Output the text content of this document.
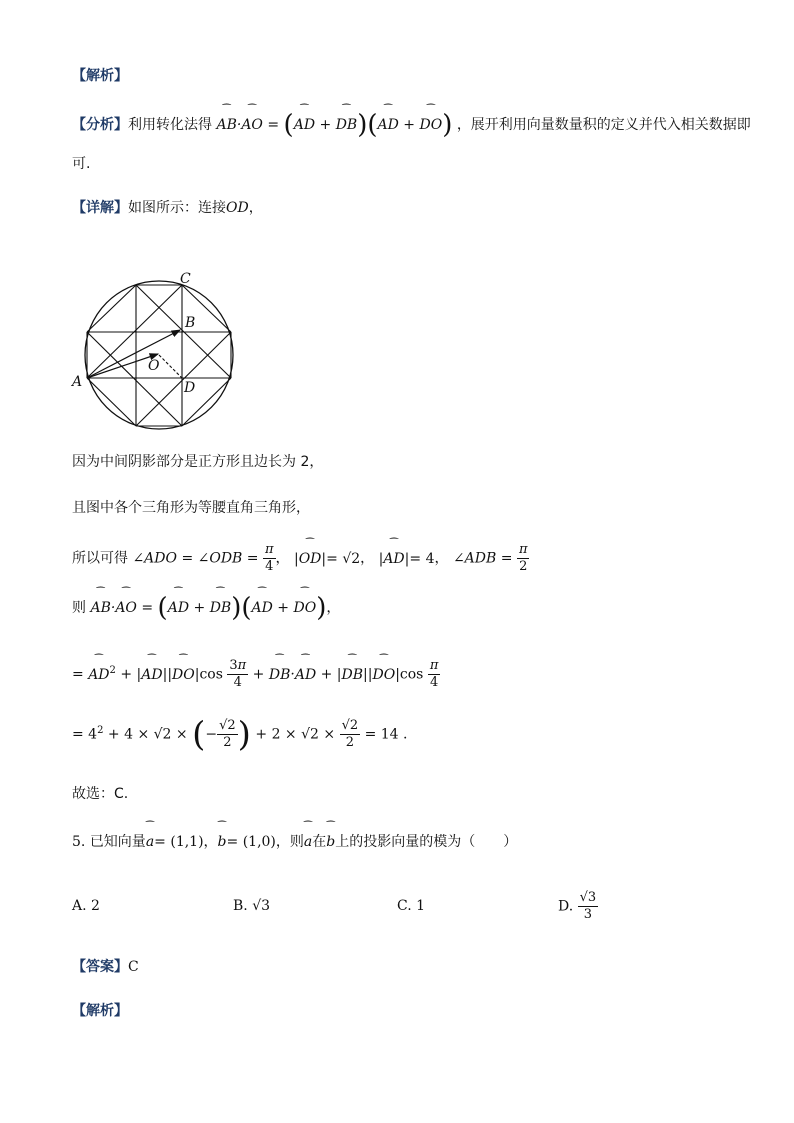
【解析】
【分析】利用转化法得 ⁀ AB·⁀ AO = (⁀ AD + ⁀ DB)(⁀ AD + ⁀ DO) ，展开利用向量数量积的定义并代入相关数据即
可.
【详解】如图所示：连接OD，
C
B
O
A	D
因为中间阴影部分是正方形且边长为 2，
且图中各个三角形为等腰直角三角形，
所以可得 ∠ADO = ∠ODB = $\frac{\pi}{4}$ ， |⁀ OD|= √2， |⁀ AD|= 4， ∠ADB = $\frac{\pi}{2}$
则 ⁀ AB·⁀ AO = (⁀ AD + ⁀ DB)(⁀ AD + ⁀ DO)，
= ⁀ $AD^2$ + |⁀ AD||⁀ $DO|\cos \frac{3\pi}{4}$ + ⁀ DB·⁀ AD + |⁀ DB||⁀ $DO|\cos \frac{\pi}{4}$
= $4^2 + 4 \times √2$ × (− $\frac{√2}{2}$ ) + $2 \times √2 \times \frac{√2}{2} = 14$ .
故选：C.
5. 已知向量⁀ a= (1,1)，⁀ b= (1,0)，则⁀ a在⁀ b上的投影向量的模为（　　）
A. 2	B. √3	C. 1	D. $\frac{√3}{3}$
【答案】C
【解析】
